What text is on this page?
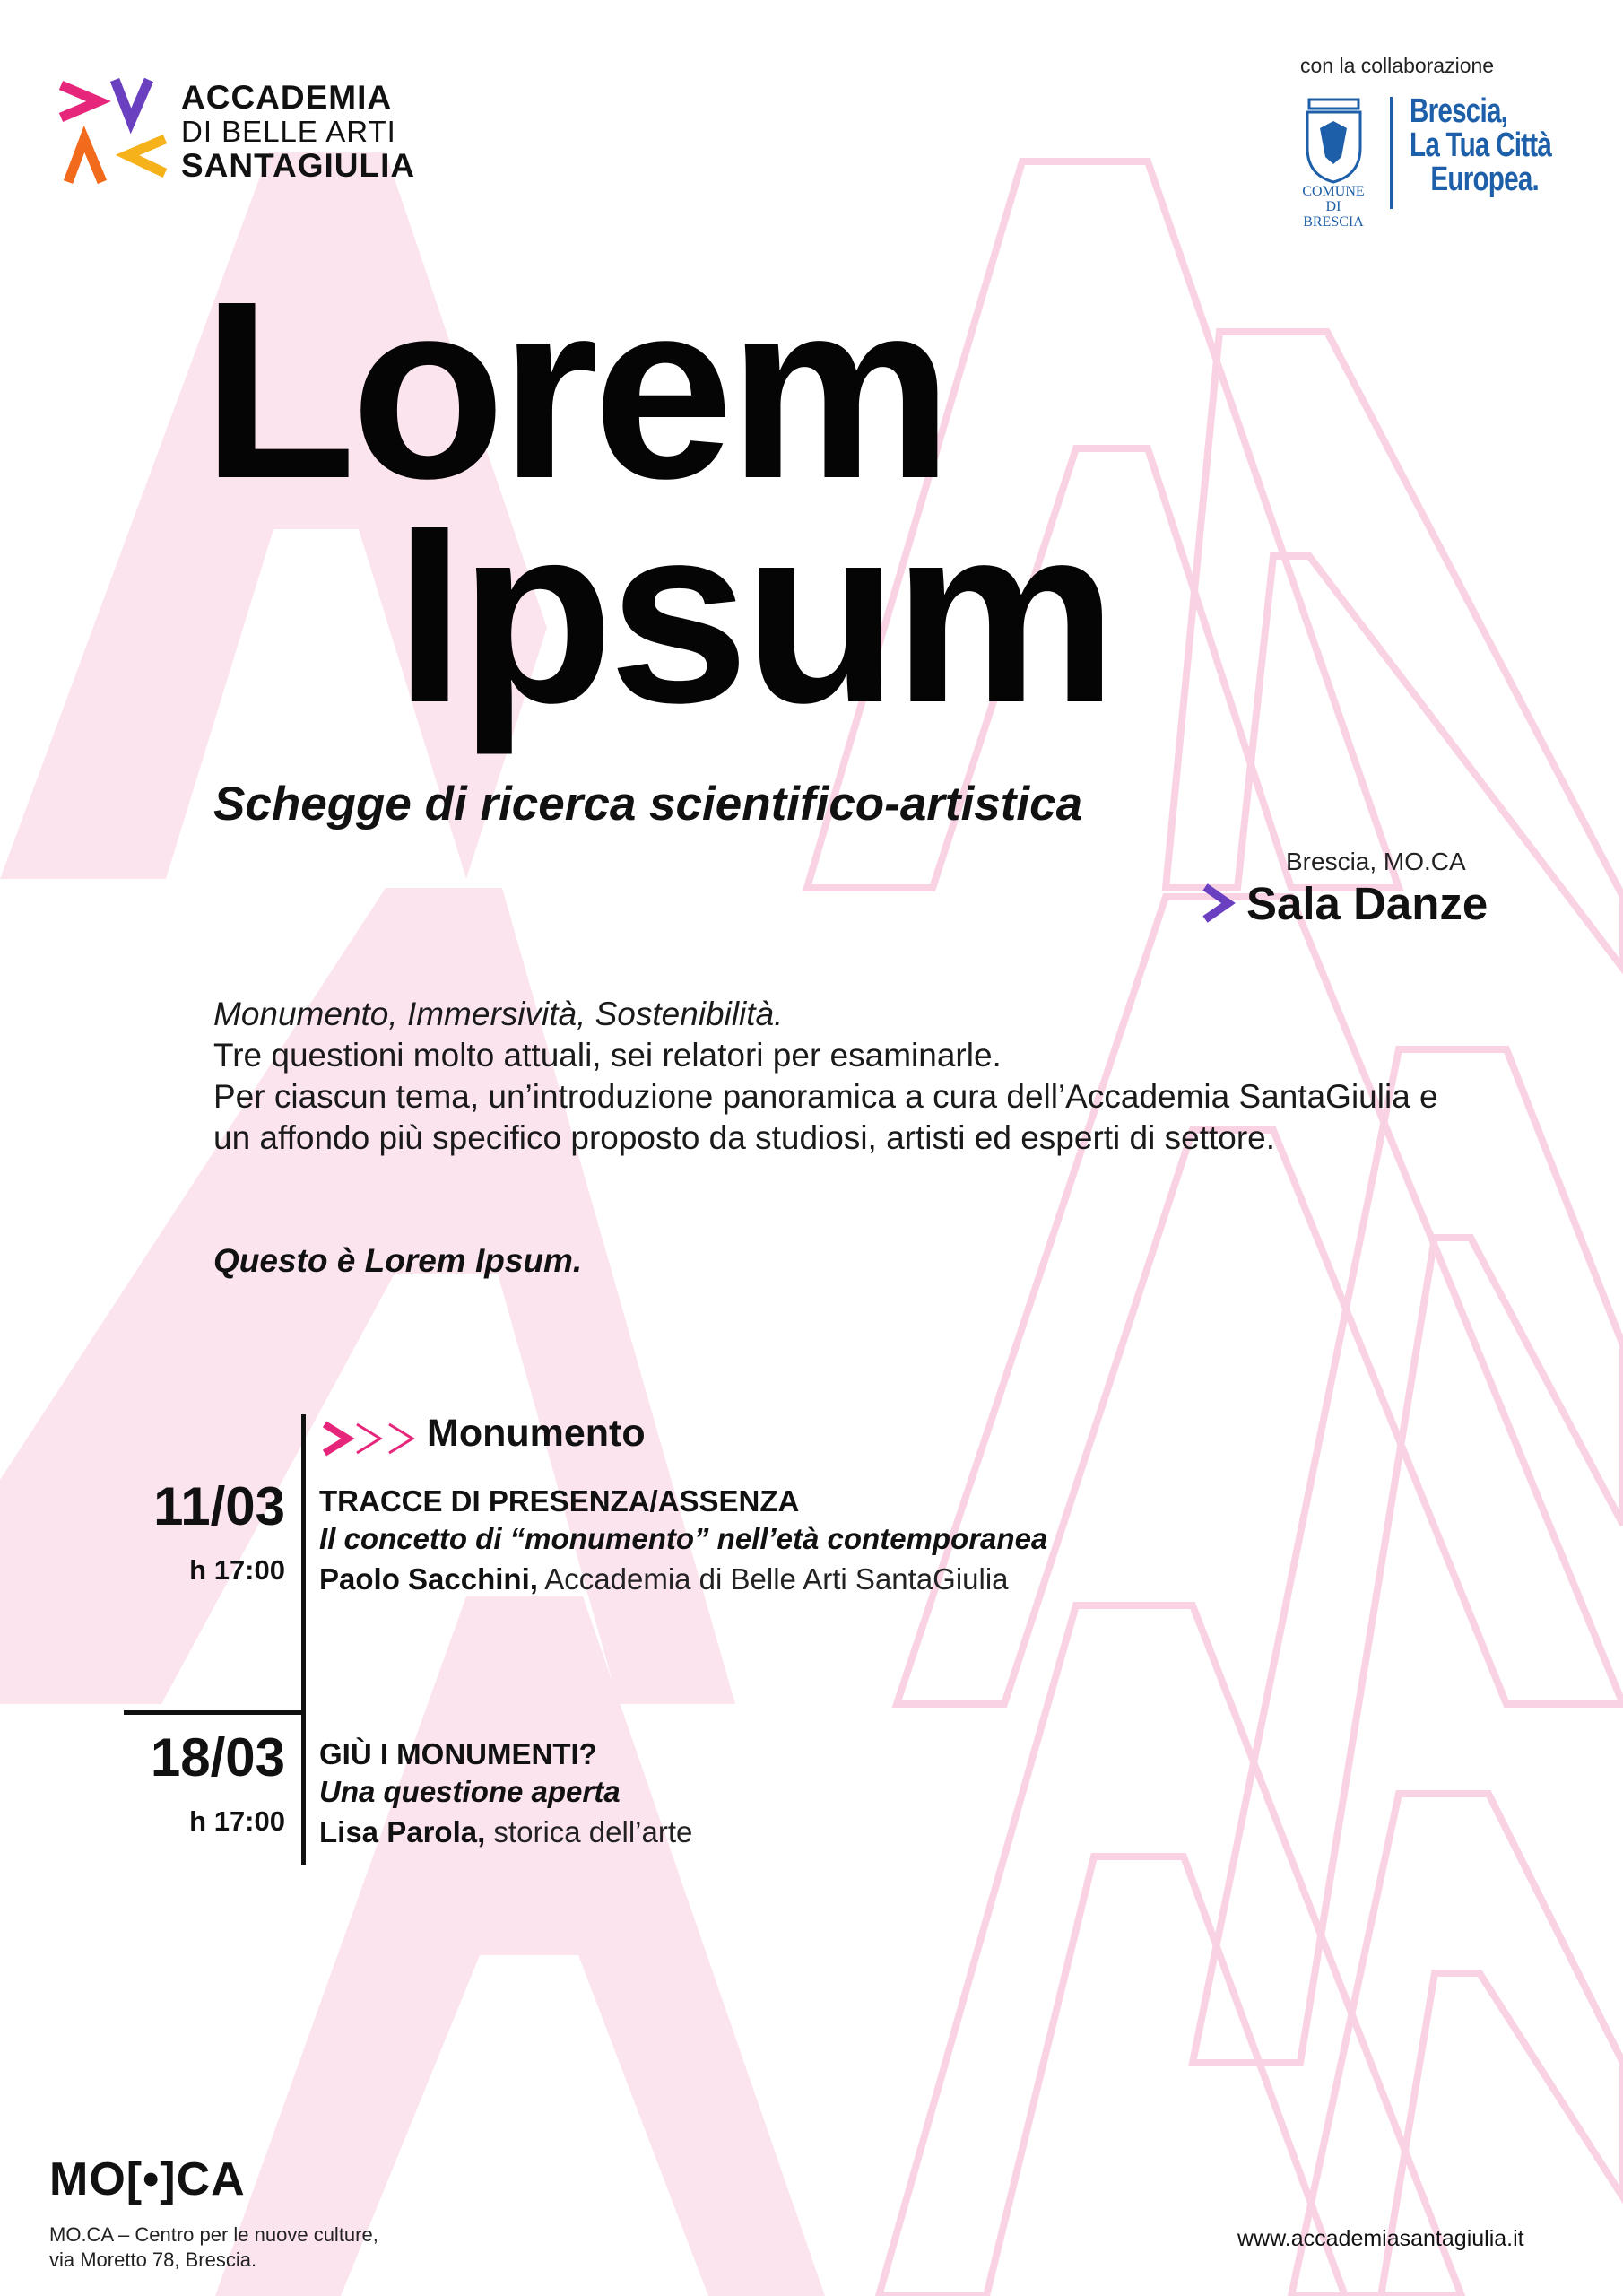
ACCADEMIA
DI BELLE ARTI
SANTAGIULIA
con la collaborazione
COMUNE DI
BRESCIA
Brescia,
La Tua Città
Europea.
Lorem
Ipsum
Schegge di ricerca scientifico-artistica
Brescia, MO.CA
Sala Danze

Monumento, Immersività, Sostenibilità.

Tre questioni molto attuali, sei relatori per esaminarle.

Per ciascun tema, un’introduzione panoramica a cura dell’Accademia SantaGiulia e un affondo più specifico proposto da studiosi, artisti ed esperti di settore.

Questo è Lorem Ipsum.
Monumento
11/03
h 17:00
TRACCE DI PRESENZA/ASSENZA
Il concetto di “monumento” nell’età contemporanea
Paolo Sacchini, Accademia di Belle Arti SantaGiulia
18/03
h 17:00
GIÙ I MONUMENTI?
Una questione aperta
Lisa Parola, storica dell’arte
MO[•]CA
MO.CA – Centro per le nuove culture,
via Moretto 78, Brescia.
www.accademiasantagiulia.it
